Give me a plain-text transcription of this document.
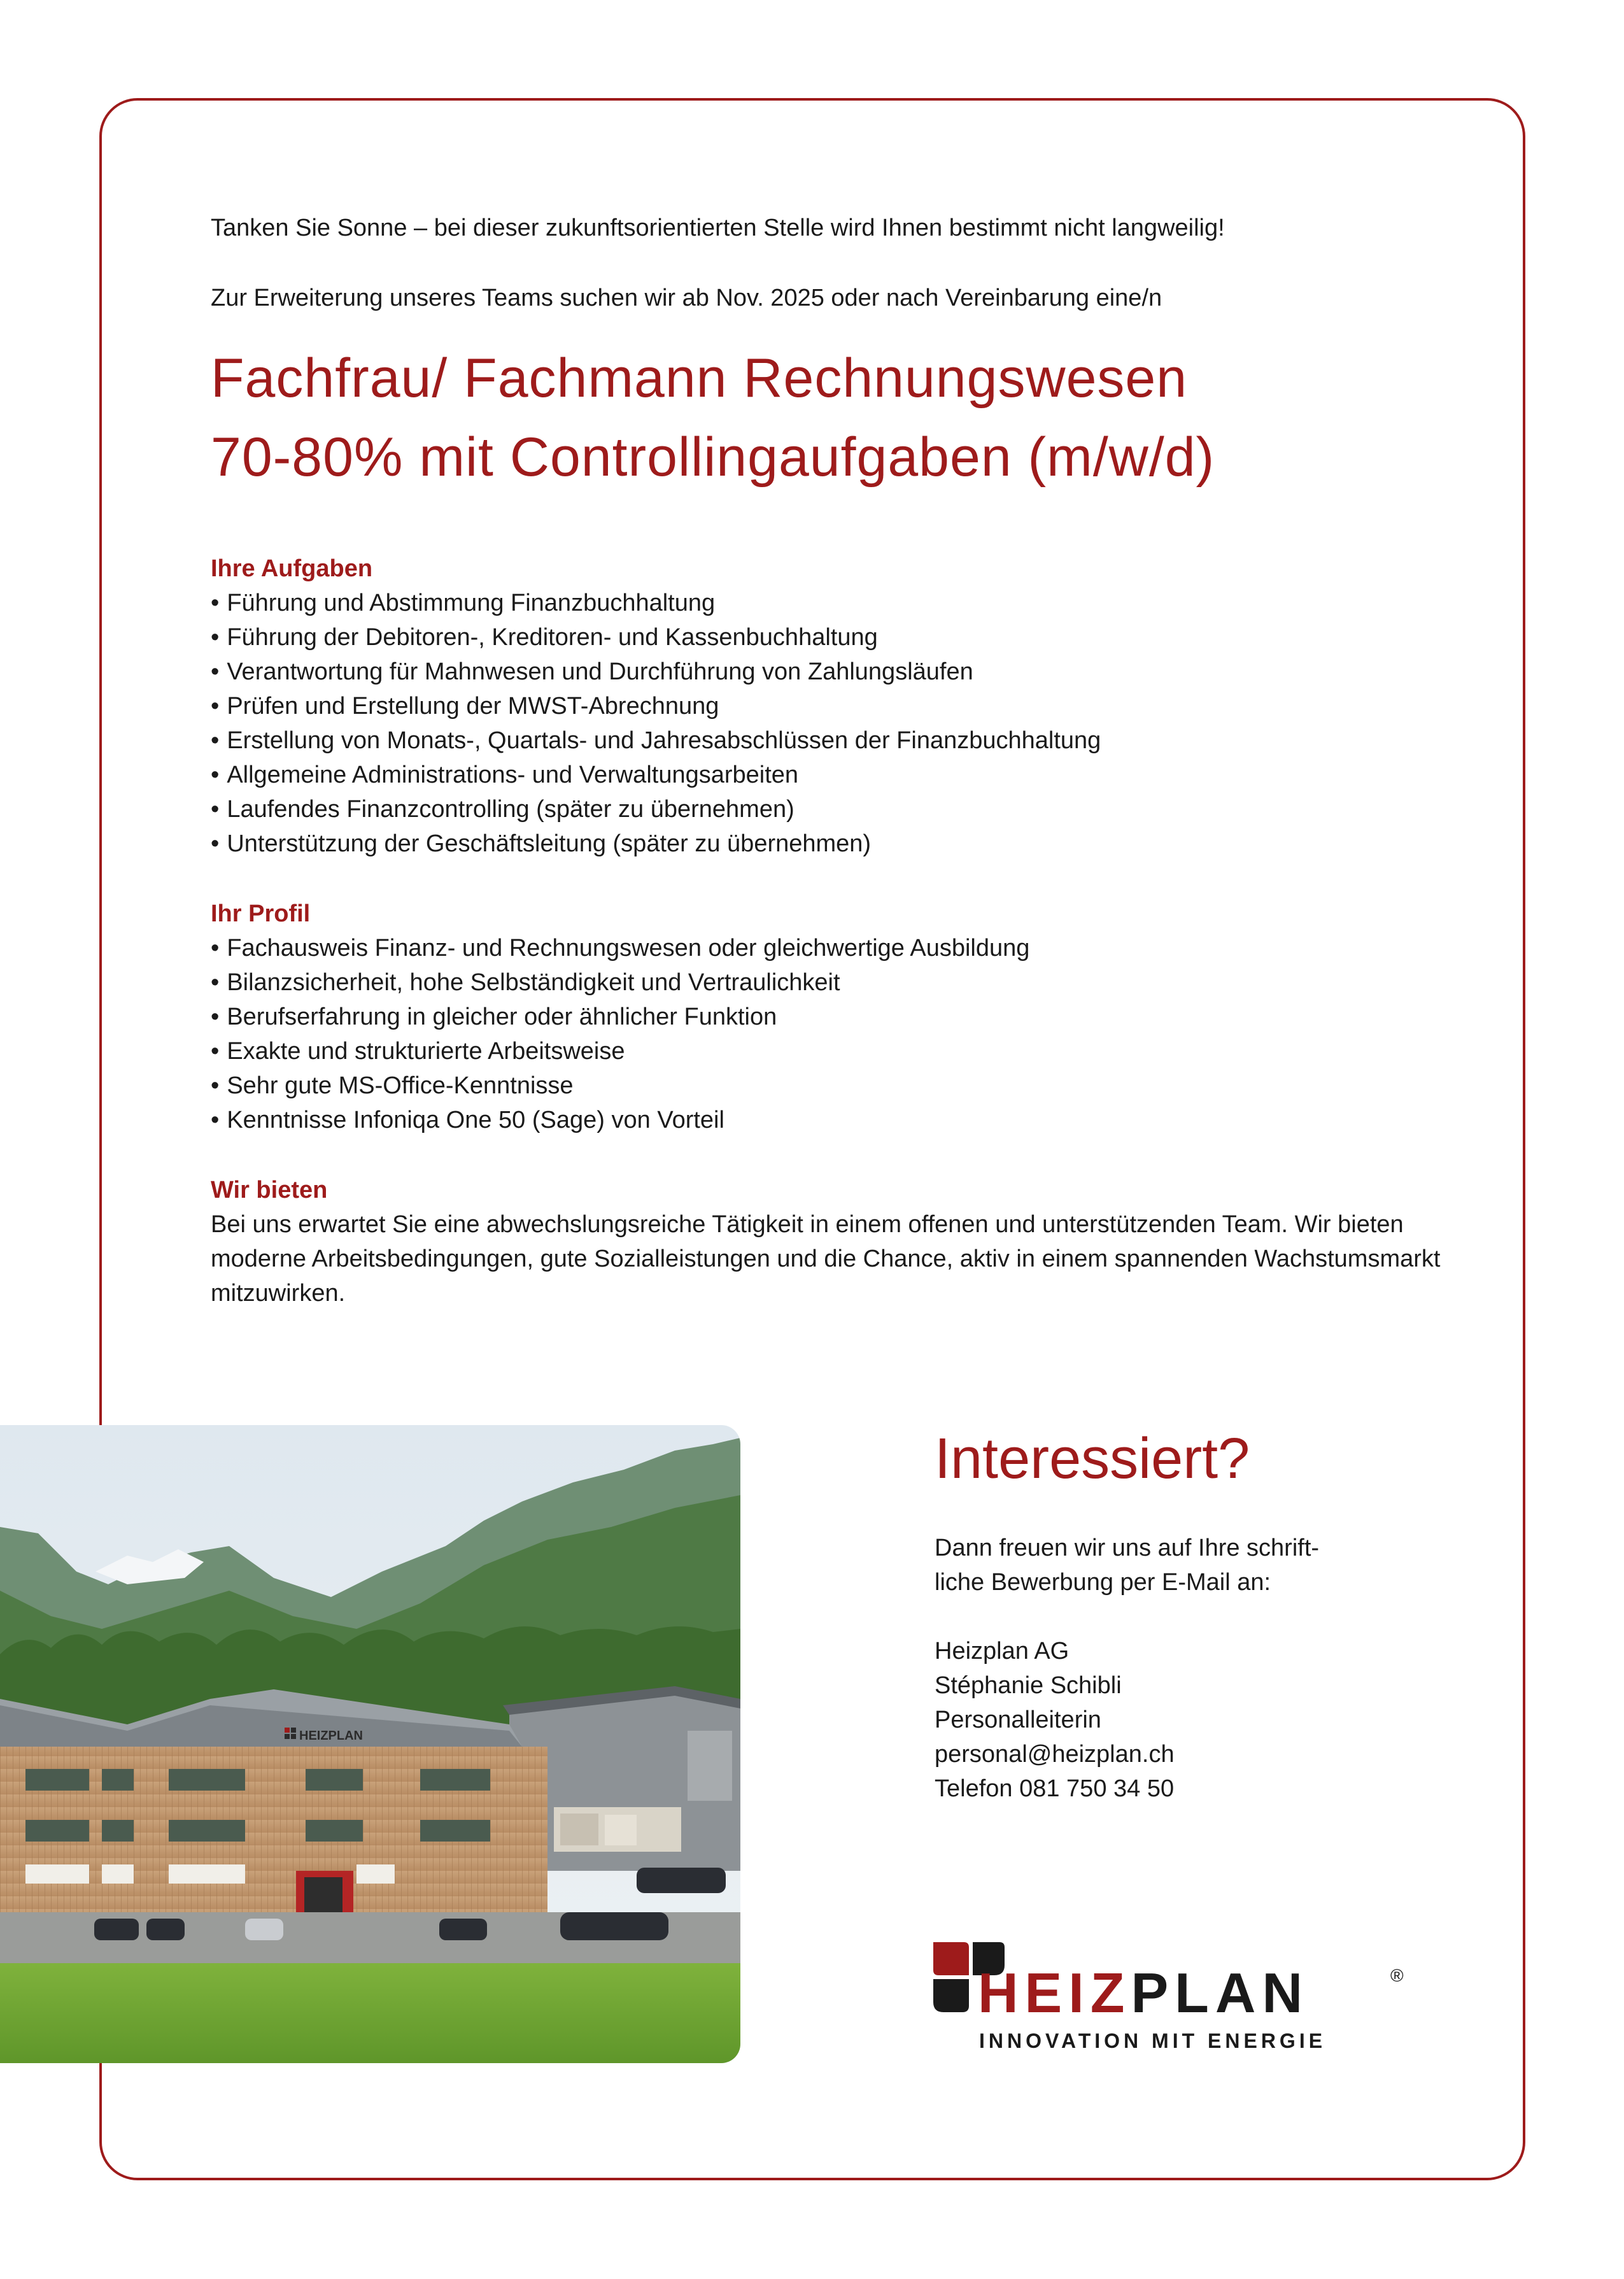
Tanken Sie Sonne – bei dieser zukunftsorientierten Stelle wird Ihnen bestimmt nicht langweilig!

Zur Erweiterung unseres Teams suchen wir ab Nov. 2025 oder nach Vereinbarung eine/n

Fachfrau/ Fachmann Rechnungswesen
70-80% mit Controllingaufgaben (m/w/d)
Ihre Aufgaben
• Führung und Abstimmung Finanzbuchhaltung
• Führung der Debitoren-, Kreditoren- und Kassenbuchhaltung
• Verantwortung für Mahnwesen und Durchführung von Zahlungsläufen
• Prüfen und Erstellung der MWST-Abrechnung
• Erstellung von Monats-, Quartals- und Jahresabschlüssen der Finanzbuchhaltung
• Allgemeine Administrations- und Verwaltungsarbeiten
• Laufendes Finanzcontrolling (später zu übernehmen)
• Unterstützung der Geschäftsleitung (später zu übernehmen)
Ihr Profil
• Fachausweis Finanz- und Rechnungswesen oder gleichwertige Ausbildung
• Bilanzsicherheit, hohe Selbständigkeit und Vertraulichkeit
• Berufserfahrung in gleicher oder ähnlicher Funktion
• Exakte und strukturierte Arbeitsweise
• Sehr gute MS-Office-Kenntnisse
• Kenntnisse Infoniqa One 50 (Sage) von Vorteil
Wir bieten

Bei uns erwartet Sie eine abwechslungsreiche Tätigkeit in einem offenen und unterstützenden Team. Wir bieten moderne Arbeitsbedingungen, gute Sozialleistungen und die Chance, aktiv in einem spannenden Wachstumsmarkt mitzuwirken.

HEIZPLAN
Interessiert?

Dann freuen wir uns auf Ihre schrift-
liche Bewerbung per E-Mail an:

Heizplan AG
Stéphanie Schibli
Personalleiterin
personal@heizplan.ch
Telefon 081 750 34 50

HEIZPLAN	®
INNOVATION MIT ENERGIE
